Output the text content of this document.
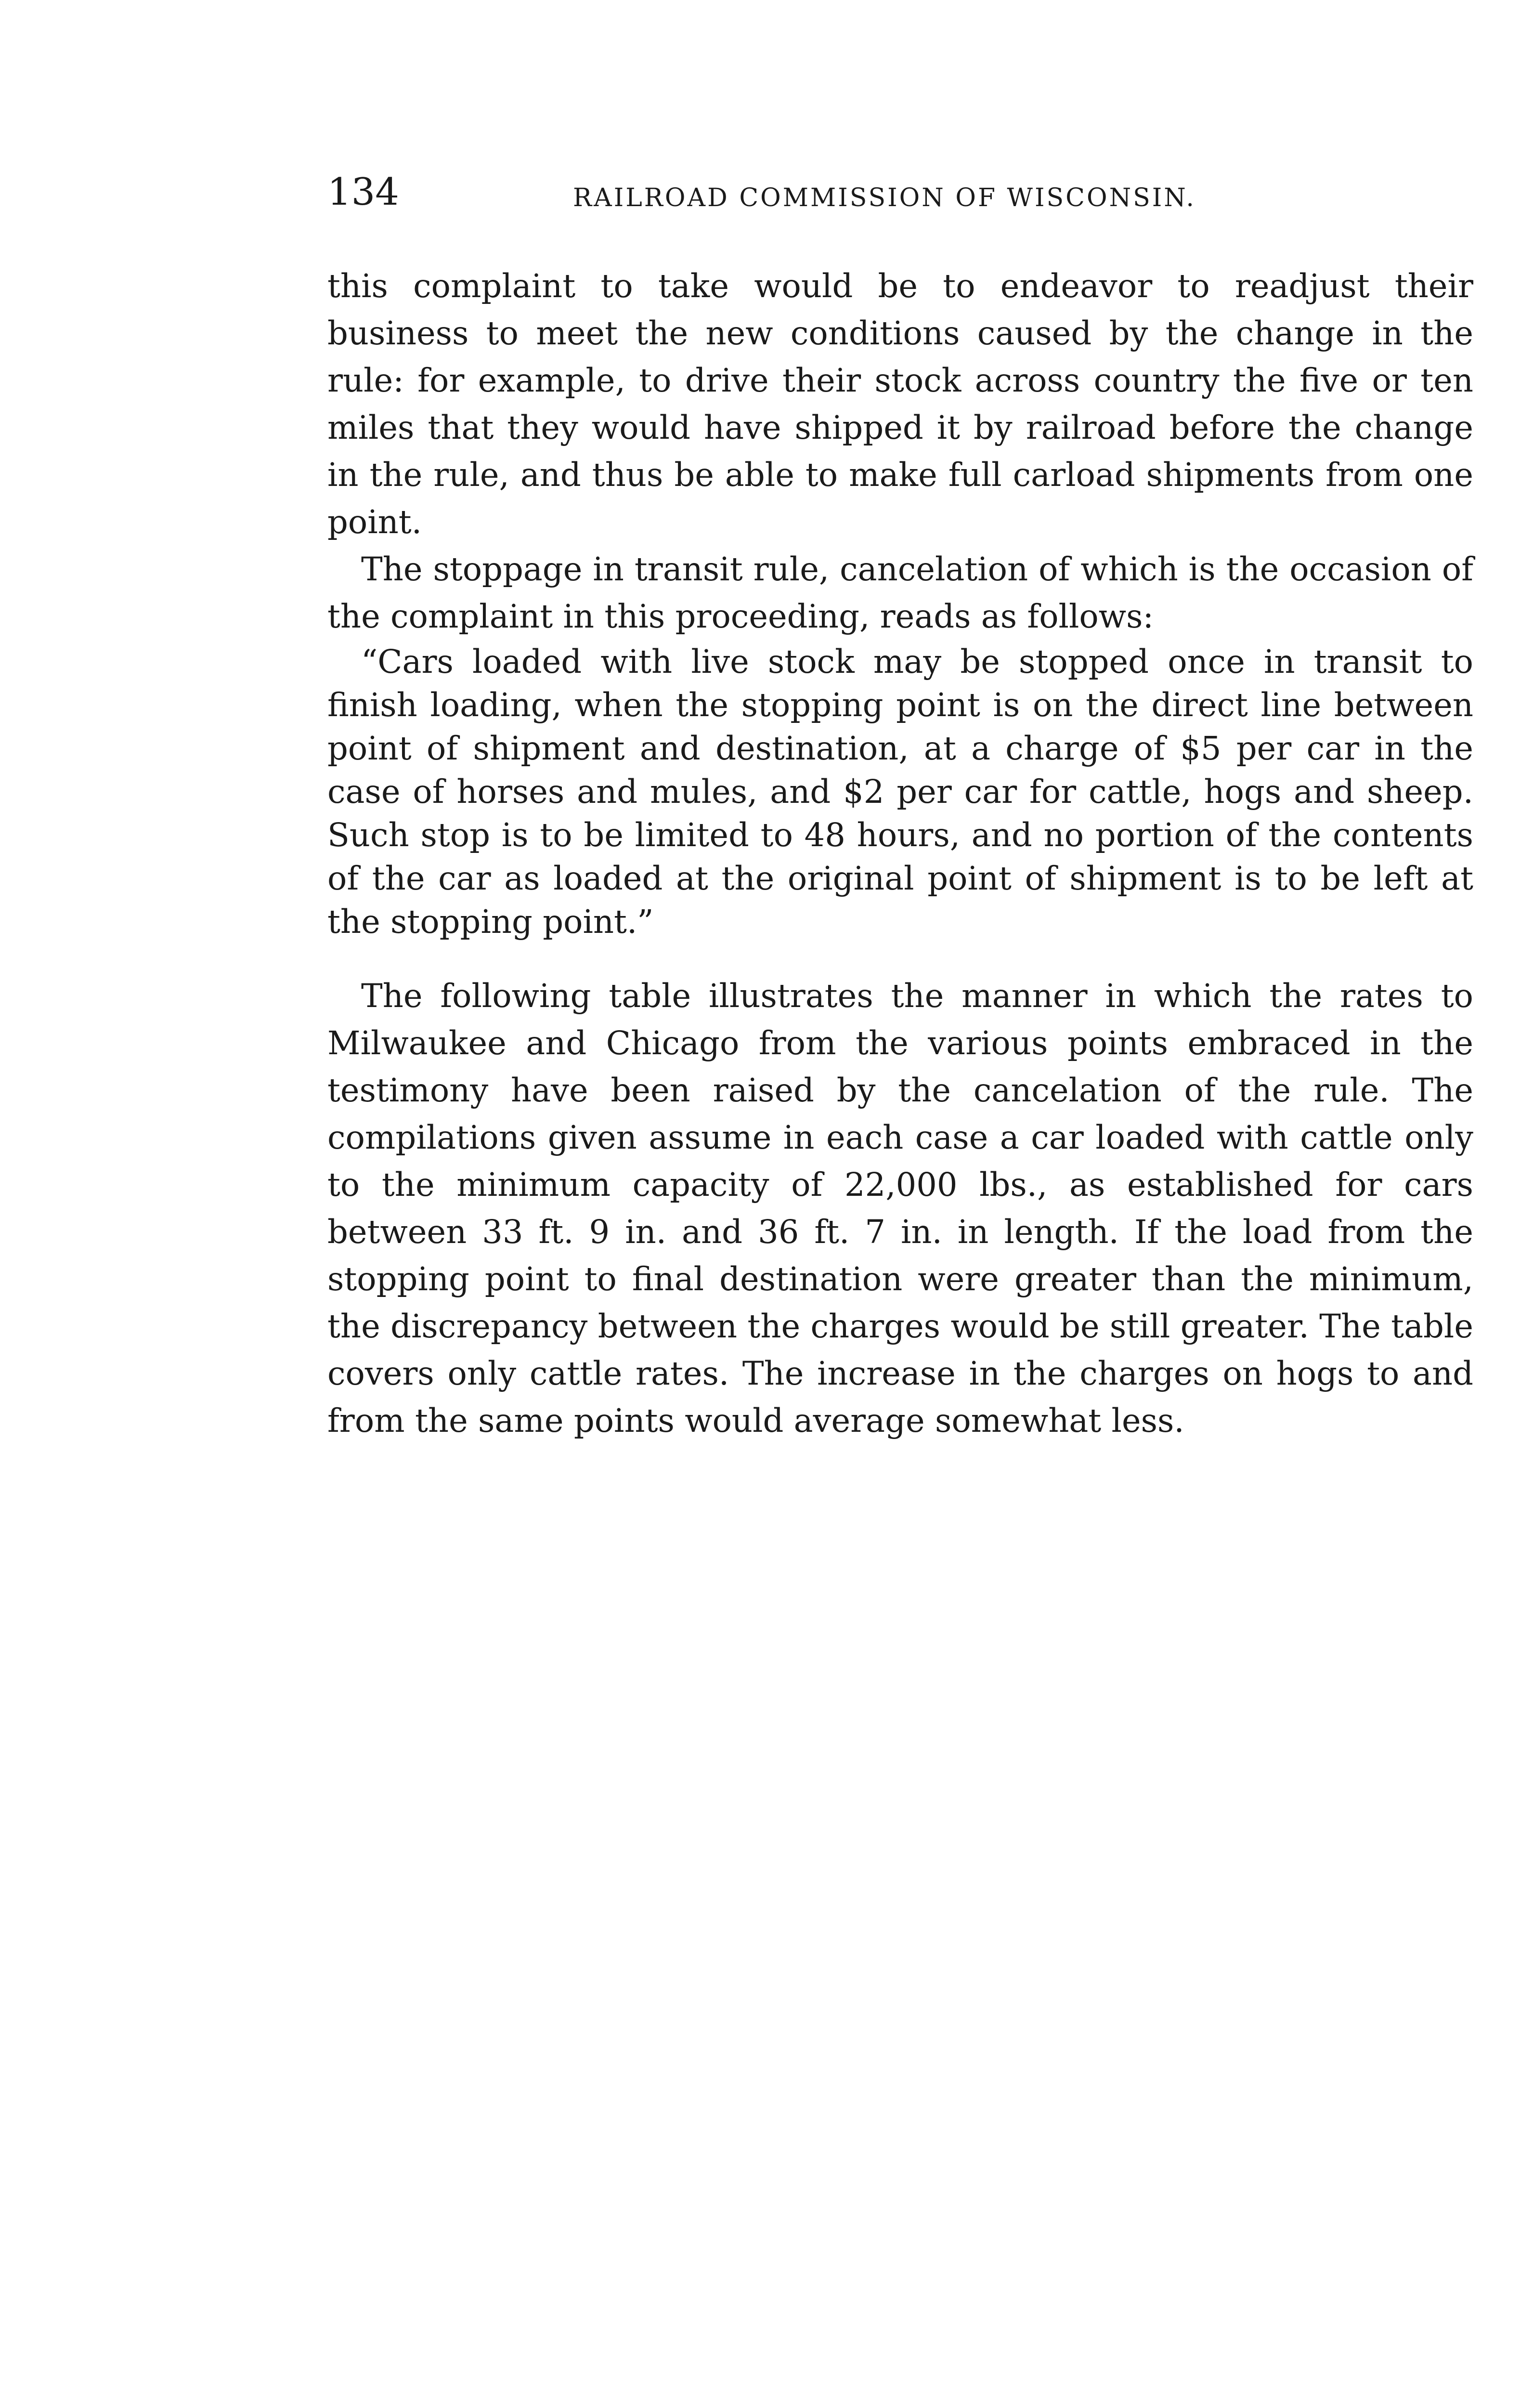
134	RAILROAD COMMISSION OF WISCONSIN.

this complaint to take would be to endeavor to readjust their business to meet the new conditions caused by the change in the rule: for example, to drive their stock across country the five or ten miles that they would have shipped it by railroad before the change in the rule, and thus be able to make full carload shipments from one point.

The stoppage in transit rule, cancelation of which is the occasion of the complaint in this proceeding, reads as follows:

“Cars loaded with live stock may be stopped once in transit to finish loading, when the stopping point is on the direct line between point of shipment and destination, at a charge of $5 per car in the case of horses and mules, and $2 per car for cattle, hogs and sheep. Such stop is to be limited to 48 hours, and no portion of the contents of the car as loaded at the original point of shipment is to be left at the stopping point.”

The following table illustrates the manner in which the rates to Milwaukee and Chicago from the various points embraced in the testimony have been raised by the cancelation of the rule. The compilations given assume in each case a car loaded with cattle only to the minimum capacity of 22,000 lbs., as established for cars between 33 ft. 9 in. and 36 ft. 7 in. in length. If the load from the stopping point to final destination were greater than the minimum, the discrepancy between the charges would be still greater. The table covers only cattle rates. The increase in the charges on hogs to and from the same points would average somewhat less.
